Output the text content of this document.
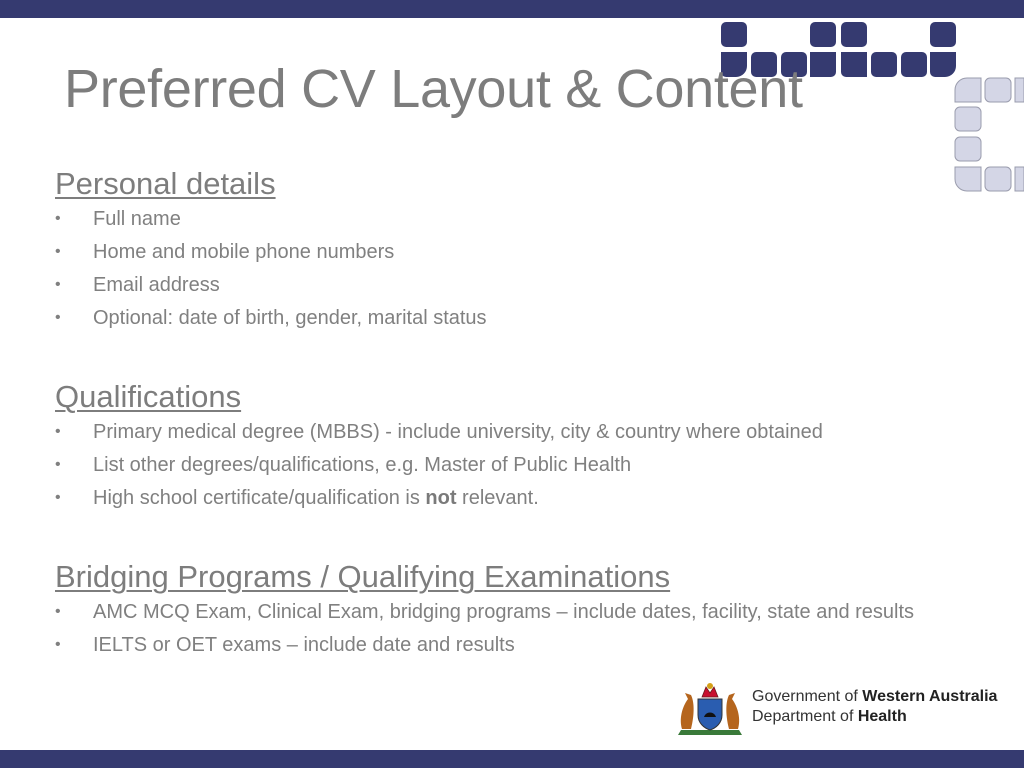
Preferred CV Layout & Content
Personal details
•	Full name
•	Home and mobile phone numbers
•	Email address
•	Optional: date of birth, gender, marital status
Qualifications
•	Primary medical degree (MBBS) - include university, city & country where obtained
•	List other degrees/qualifications, e.g. Master of Public Health
•	High school certificate/qualification is not relevant.
Bridging Programs / Qualifying Examinations
•	AMC MCQ Exam, Clinical Exam, bridging programs – include dates, facility, state and results
•	IELTS or OET exams – include date and results
Government of Western Australia
Department of Health
